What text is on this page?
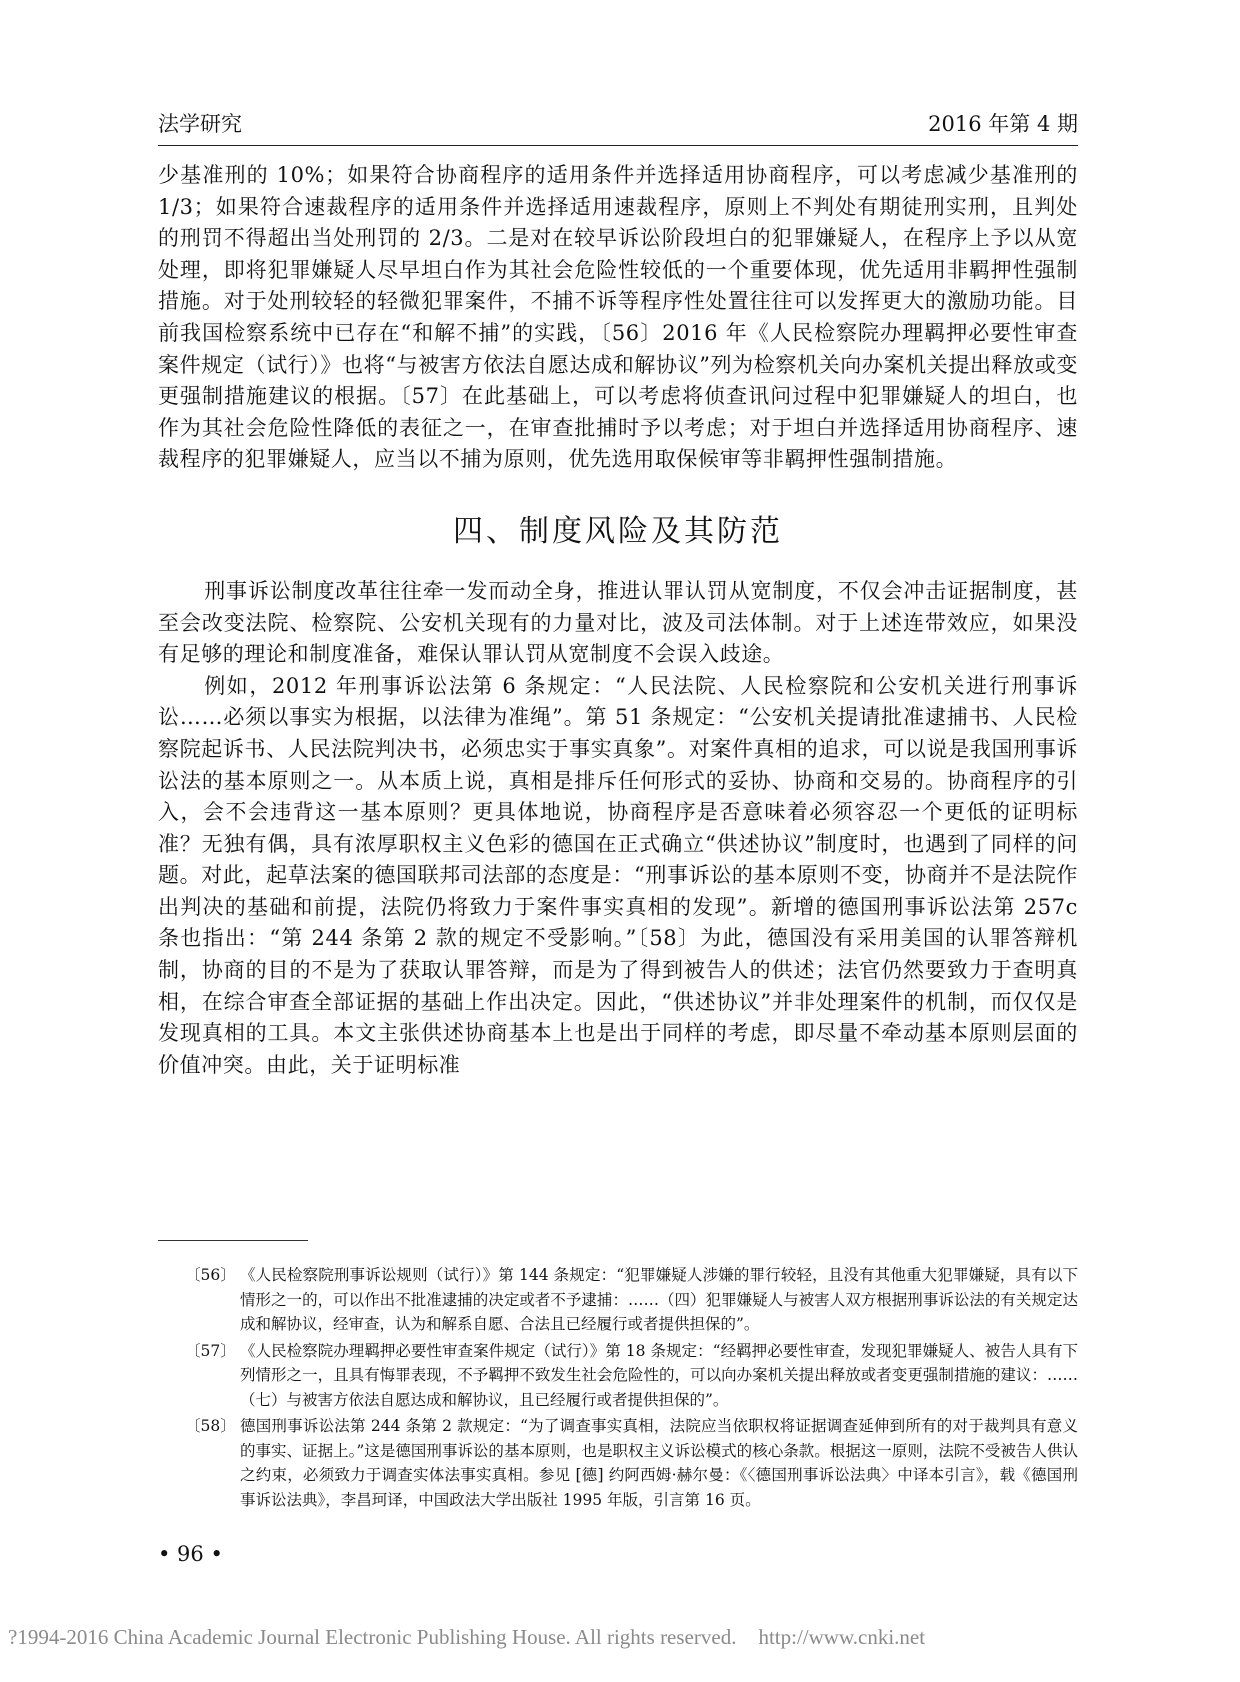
法学研究	2016 年第 4 期

少基准刑的 10%；如果符合协商程序的适用条件并选择适用协商程序，可以考虑减少基准刑的 1/3；如果符合速裁程序的适用条件并选择适用速裁程序，原则上不判处有期徒刑实刑，且判处的刑罚不得超出当处刑罚的 2/3。二是对在较早诉讼阶段坦白的犯罪嫌疑人，在程序上予以从宽处理，即将犯罪嫌疑人尽早坦白作为其社会危险性较低的一个重要体现，优先适用非羁押性强制措施。对于处刑较轻的轻微犯罪案件，不捕不诉等程序性处置往往可以发挥更大的激励功能。目前我国检察系统中已存在“和解不捕”的实践，〔56〕2016 年《人民检察院办理羁押必要性审查案件规定（试行）》也将“与被害方依法自愿达成和解协议”列为检察机关向办案机关提出释放或变更强制措施建议的根据。〔57〕在此基础上，可以考虑将侦查讯问过程中犯罪嫌疑人的坦白，也作为其社会危险性降低的表征之一，在审查批捕时予以考虑；对于坦白并选择适用协商程序、速裁程序的犯罪嫌疑人，应当以不捕为原则，优先选用取保候审等非羁押性强制措施。

四、制度风险及其防范

刑事诉讼制度改革往往牵一发而动全身，推进认罪认罚从宽制度，不仅会冲击证据制度，甚至会改变法院、检察院、公安机关现有的力量对比，波及司法体制。对于上述连带效应，如果没有足够的理论和制度准备，难保认罪认罚从宽制度不会误入歧途。

例如，2012 年刑事诉讼法第 6 条规定：“人民法院、人民检察院和公安机关进行刑事诉讼……必须以事实为根据，以法律为准绳”。第 51 条规定：“公安机关提请批准逮捕书、人民检察院起诉书、人民法院判决书，必须忠实于事实真象”。对案件真相的追求，可以说是我国刑事诉讼法的基本原则之一。从本质上说，真相是排斥任何形式的妥协、协商和交易的。协商程序的引入，会不会违背这一基本原则？更具体地说，协商程序是否意味着必须容忍一个更低的证明标准？无独有偶，具有浓厚职权主义色彩的德国在正式确立“供述协议”制度时，也遇到了同样的问题。对此，起草法案的德国联邦司法部的态度是：“刑事诉讼的基本原则不变，协商并不是法院作出判决的基础和前提，法院仍将致力于案件事实真相的发现”。新增的德国刑事诉讼法第 257c 条也指出：“第 244 条第 2 款的规定不受影响。”〔58〕为此，德国没有采用美国的认罪答辩机制，协商的目的不是为了获取认罪答辩，而是为了得到被告人的供述；法官仍然要致力于查明真相，在综合审查全部证据的基础上作出决定。因此，“供述协议”并非处理案件的机制，而仅仅是发现真相的工具。本文主张供述协商基本上也是出于同样的考虑，即尽量不牵动基本原则层面的价值冲突。由此，关于证明标准

〔56〕 《人民检察院刑事诉讼规则（试行）》第 144 条规定：“犯罪嫌疑人涉嫌的罪行较轻，且没有其他重大犯罪嫌疑，具有以下情形之一的，可以作出不批准逮捕的决定或者不予逮捕：……（四）犯罪嫌疑人与被害人双方根据刑事诉讼法的有关规定达成和解协议，经审查，认为和解系自愿、合法且已经履行或者提供担保的”。
〔57〕 《人民检察院办理羁押必要性审查案件规定（试行）》第 18 条规定：“经羁押必要性审查，发现犯罪嫌疑人、被告人具有下列情形之一，且具有悔罪表现，不予羁押不致发生社会危险性的，可以向办案机关提出释放或者变更强制措施的建议：……（七）与被害方依法自愿达成和解协议，且已经履行或者提供担保的”。
〔58〕 德国刑事诉讼法第 244 条第 2 款规定：“为了调查事实真相，法院应当依职权将证据调查延伸到所有的对于裁判具有意义的事实、证据上。”这是德国刑事诉讼的基本原则，也是职权主义诉讼模式的核心条款。根据这一原则，法院不受被告人供认之约束，必须致力于调查实体法事实真相。参见 [德] 约阿西姆·赫尔曼：《〈德国刑事诉讼法典〉中译本引言》，载《德国刑事诉讼法典》，李昌珂译，中国政法大学出版社 1995 年版，引言第 16 页。
• 96 •
?1994-2016 China Academic Journal Electronic Publishing House. All rights reserved. http://www.cnki.net
